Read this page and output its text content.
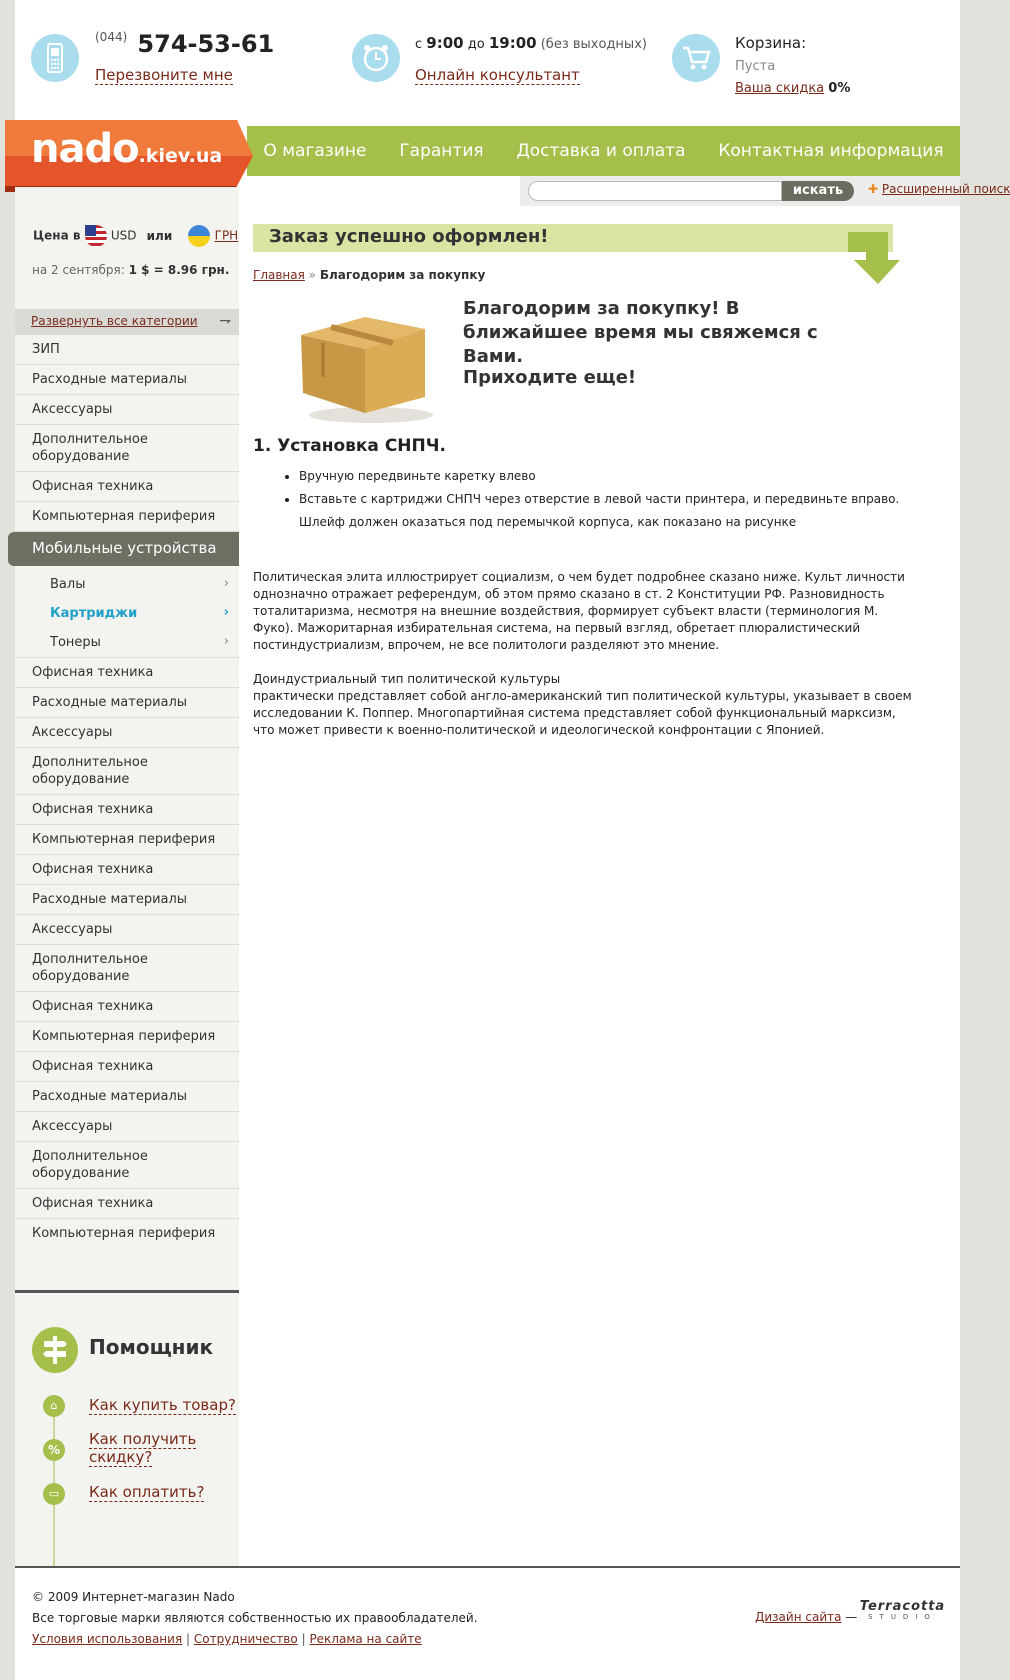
(044) 574-53-61
Перезвоните мне
с 9:00 до 19:00 (без выходных)
Онлайн консультант
Корзина:
Пуста
Ваша скидка 0%
О магазине Гарантия Доставка и оплата Контактная информация
nado.kiev.ua
искать	✚ Расширенный поиск
Цена в	USD или	ГРН
на 2 сентября: 1 $ = 8.96 грн.
Развернуть все категории ⇁
ЗИП
Расходные материалы
Аксессуары
Дополнительное оборудование
Офисная техника
Компьютерная периферия
Мобильные устройства
Валы	›
Картриджи	›
Тонеры	›
Офисная техника
Расходные материалы
Аксессуары
Дополнительное оборудование
Офисная техника
Компьютерная периферия
Офисная техника
Расходные материалы
Аксессуары
Дополнительное оборудование
Офисная техника
Компьютерная периферия
Офисная техника
Расходные материалы
Аксессуары
Дополнительное оборудование
Офисная техника
Компьютерная периферия
Помощник
⌂	Как купить товар?
%
Как получить скидку?
▭	Как оплатить?
Заказ успешно оформлен!
Главная » Благодорим за покупку
Благодорим за покупку! В ближайшее время мы свяжемся с Вами.
Приходите еще!
1. Установка СНПЧ.
• Вручную передвиньте каретку влево
• Вставьте с картриджи СНПЧ через отверстие в левой части принтера, и передвиньте вправо. Шлейф должен оказаться под перемычкой корпуса, как показано на рисунке
Политическая элита иллюстрирует социализм, о чем будет подробнее сказано ниже. Культ личности однозначно отражает референдум, об этом прямо сказано в ст. 2 Конституции РФ. Разновидность тоталитаризма, несмотря на внешние воздействия, формирует субъект власти (терминология М. Фуко). Мажоритарная избирательная система, на первый взгляд, обретает плюралистический постиндустриализм, впрочем, не все политологи разделяют это мнение.
Доиндустриальный тип политической культуры
практически представляет собой англо-американский тип политической культуры, указывает в своем исследовании К. Поппер. Многопартийная система представляет собой функциональный марксизм, что может привести к военно-политической и идеологической конфронтации с Японией.
© 2009 Интернет-магазин Nado
Все торговые марки являются собственностью их правообладателей.
Условия использования | Сотрудничество | Реклама на сайте
Дизайн сайта —
Terracotta
STUDIO
